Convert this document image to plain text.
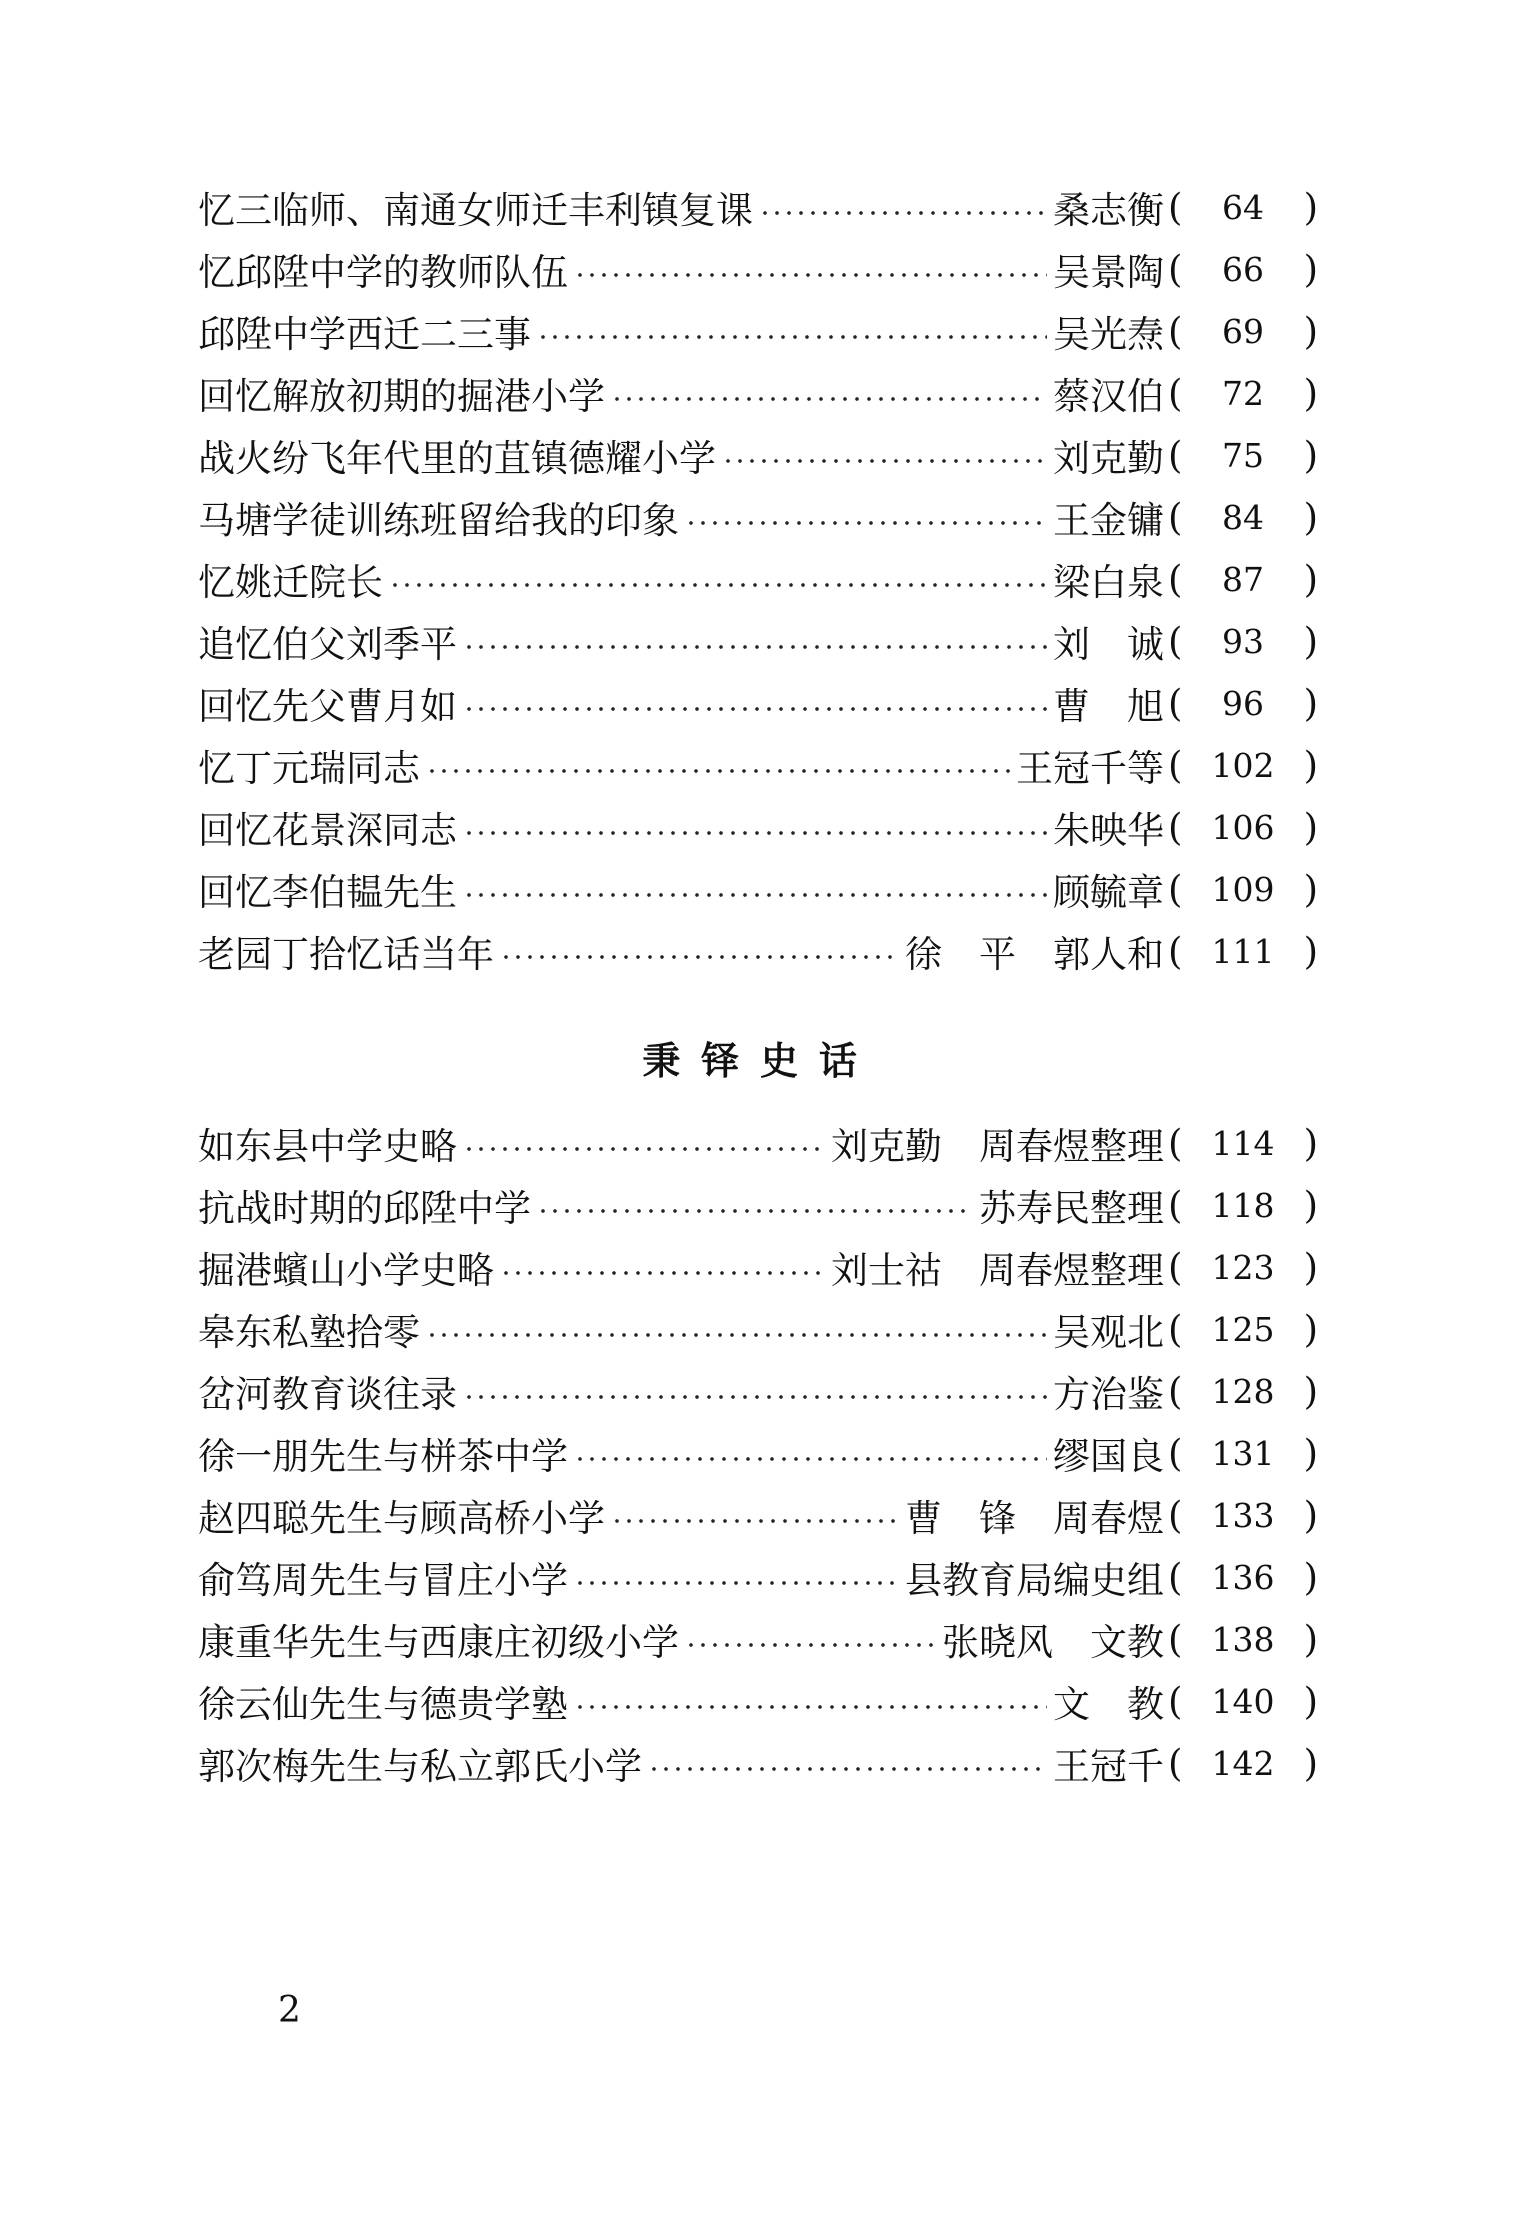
忆三临师、南通女师迁丰利镇复课	桑志衡 (	64	)
忆邱陞中学的教师队伍	吴景陶 (	66	)
邱陞中学西迁二三事	吴光焘 (	69	)
回忆解放初期的掘港小学	蔡汉伯 (	72	)
战火纷飞年代里的苴镇德耀小学	刘克勤 (	75	)
马塘学徒训练班留给我的印象	王金镛 (	84	)
忆姚迁院长	梁白泉 (	87	)
追忆伯父刘季平	刘　诚 (	93	)
回忆先父曹月如	曹　旭 (	96	)
忆丁元瑞同志	王冠千等 ( 102 )
回忆花景深同志	朱映华 ( 106 )
回忆李伯韫先生	顾毓章 ( 109 )
老园丁拾忆话当年	徐　平　郭人和 ( 111 )
秉铎史话
如东县中学史略	刘克勤　周春煜整理 ( 114 )
抗战时期的邱陞中学	苏寿民整理 ( 118 )
掘港蠙山小学史略	刘士祜　周春煜整理 ( 123 )
皋东私塾拾零	吴观北 ( 125 )
岔河教育谈往录	方治鉴 ( 128 )
徐一朋先生与栟茶中学	缪国良 ( 131 )
赵四聪先生与顾高桥小学	曹　锋　周春煜 ( 133 )
俞笃周先生与冒庄小学	县教育局编史组 ( 136 )
康重华先生与西康庄初级小学	张晓风　文教 ( 138 )
徐云仙先生与德贵学塾	文　教 ( 140 )
郭次梅先生与私立郭氏小学	王冠千 ( 142 )
2
